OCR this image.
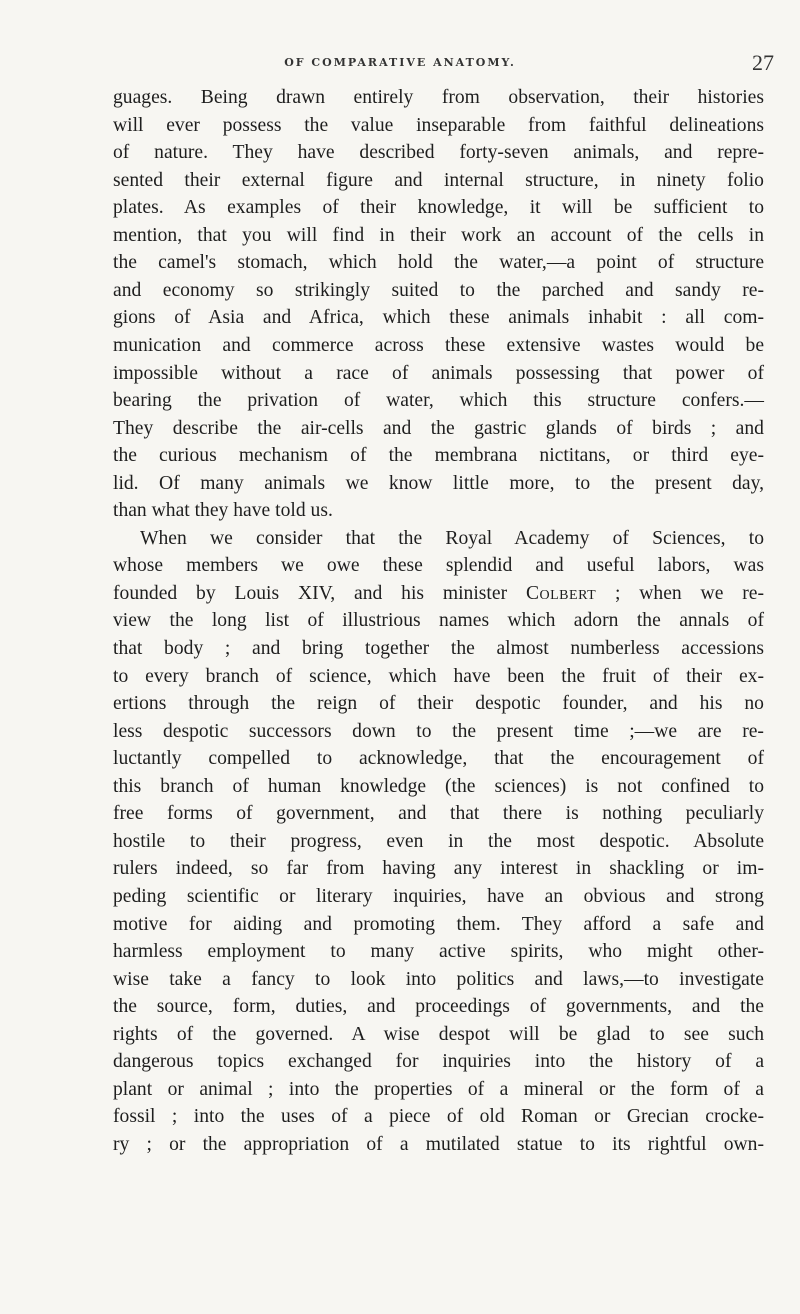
OF COMPARATIVE ANATOMY.	27
guages. Being drawn entirely from observation, their histories
will ever possess the value inseparable from faithful delineations
of nature. They have described forty-seven animals, and repre-
sented their external figure and internal structure, in ninety folio
plates. As examples of their knowledge, it will be sufficient to
mention, that you will find in their work an account of the cells in
the camel's stomach, which hold the water,—a point of structure
and economy so strikingly suited to the parched and sandy re-
gions of Asia and Africa, which these animals inhabit : all com-
munication and commerce across these extensive wastes would be
impossible without a race of animals possessing that power of
bearing the privation of water, which this structure confers.—
They describe the air-cells and the gastric glands of birds ; and
the curious mechanism of the membrana nictitans, or third eye-
lid. Of many animals we know little more, to the present day,
than what they have told us.
When we consider that the Royal Academy of Sciences, to
whose members we owe these splendid and useful labors, was
founded by Louis XIV, and his minister Colbert ; when we re-
view the long list of illustrious names which adorn the annals of
that body ; and bring together the almost numberless accessions
to every branch of science, which have been the fruit of their ex-
ertions through the reign of their despotic founder, and his no
less despotic successors down to the present time ;—we are re-
luctantly compelled to acknowledge, that the encouragement of
this branch of human knowledge (the sciences) is not confined to
free forms of government, and that there is nothing peculiarly
hostile to their progress, even in the most despotic. Absolute
rulers indeed, so far from having any interest in shackling or im-
peding scientific or literary inquiries, have an obvious and strong
motive for aiding and promoting them. They afford a safe and
harmless employment to many active spirits, who might other-
wise take a fancy to look into politics and laws,—to investigate
the source, form, duties, and proceedings of governments, and the
rights of the governed. A wise despot will be glad to see such
dangerous topics exchanged for inquiries into the history of a
plant or animal ; into the properties of a mineral or the form of a
fossil ; into the uses of a piece of old Roman or Grecian crocke-
ry ; or the appropriation of a mutilated statue to its rightful own-
